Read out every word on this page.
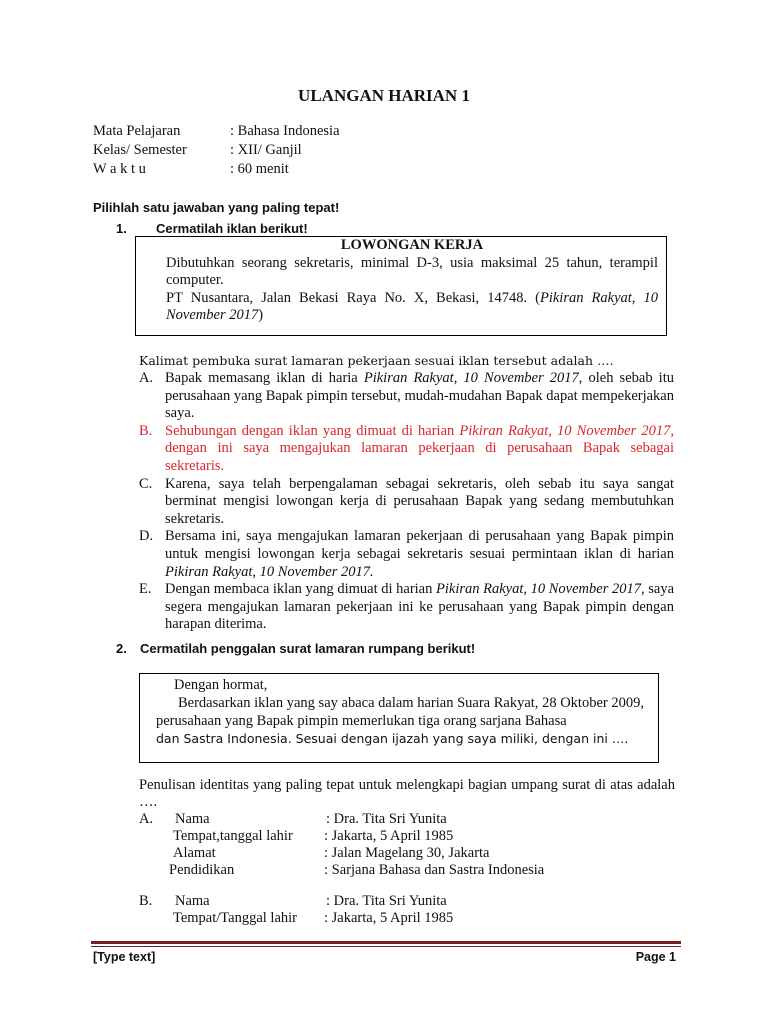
ULANGAN HARIAN 1
Mata Pelajaran	: Bahasa Indonesia
Kelas/ Semester	: XII/ Ganjil
W a k t u	: 60 menit
Pilihlah satu jawaban yang paling tepat!
1.	Cermatilah iklan berikut!
LOWONGAN KERJA
Dibutuhkan seorang sekretaris, minimal D-3, usia maksimal 25 tahun, terampil computer.
PT Nusantara, Jalan Bekasi Raya No. X, Bekasi, 14748. (Pikiran Rakyat, 10 November 2017)
Kalimat pembuka surat lamaran pekerjaan sesuai iklan tersebut adalah ….
A. Bapak memasang iklan di haria Pikiran Rakyat, 10 November 2017, oleh sebab itu perusahaan yang Bapak pimpin tersebut, mudah-mudahan Bapak dapat mempekerjakan saya.
B. Sehubungan dengan iklan yang dimuat di harian Pikiran Rakyat, 10 November 2017, dengan ini saya mengajukan lamaran pekerjaan di perusahaan Bapak sebagai sekretaris.
C. Karena, saya telah berpengalaman sebagai sekretaris, oleh sebab itu saya sangat berminat mengisi lowongan kerja di perusahaan Bapak yang sedang membutuhkan sekretaris.
D. Bersama ini, saya mengajukan lamaran pekerjaan di perusahaan yang Bapak pimpin untuk mengisi lowongan kerja sebagai sekretaris sesuai permintaan iklan di harian Pikiran Rakyat, 10 November 2017.
E. Dengan membaca iklan yang dimuat di harian Pikiran Rakyat, 10 November 2017, saya segera mengajukan lamaran pekerjaan ini ke perusahaan yang Bapak pimpin dengan harapan diterima.
2.	Cermatilah penggalan surat lamaran rumpang berikut!
Dengan hormat,
Berdasarkan iklan yang say abaca dalam harian Suara Rakyat, 28 Oktober 2009, perusahaan yang Bapak pimpin memerlukan tiga orang sarjana Bahasa
dan Sastra Indonesia. Sesuai dengan ijazah yang saya miliki, dengan ini ….
Penulisan identitas yang paling tepat untuk melengkapi bagian umpang surat di atas adalah ….
A.	Nama	: Dra. Tita Sri Yunita
Tempat,tanggal lahir	: Jakarta, 5 April 1985
Alamat	: Jalan Magelang 30, Jakarta
Pendidikan	: Sarjana Bahasa dan Sastra Indonesia
B.	Nama	: Dra. Tita Sri Yunita
Tempat/Tanggal lahir	: Jakarta, 5 April 1985
[Type text]	Page 1
